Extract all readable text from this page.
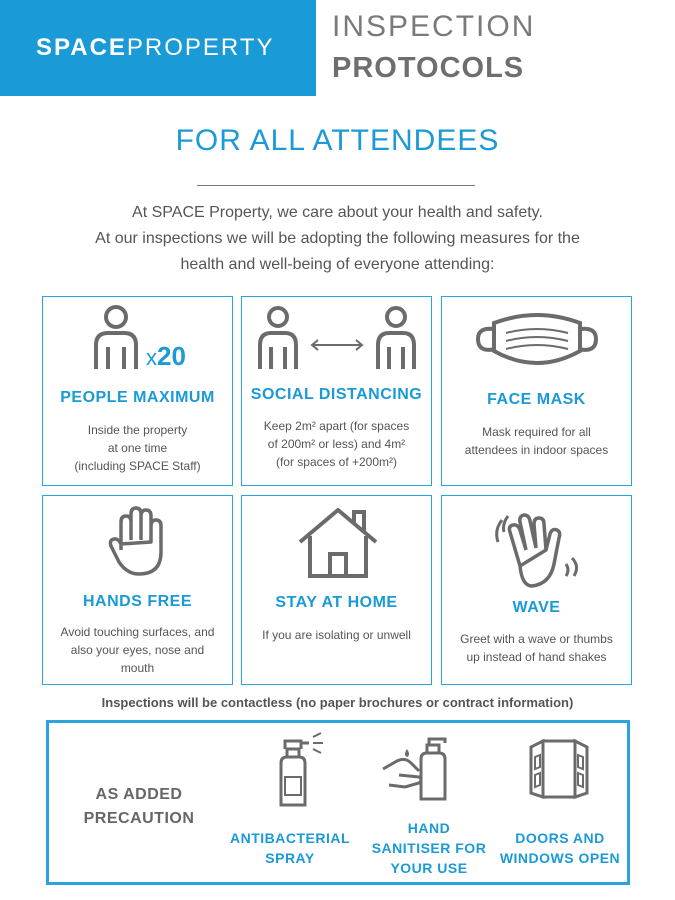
SPACEPROPERTY
INSPECTION
PROTOCOLS
FOR ALL ATTENDEES
At SPACE Property, we care about your health and safety.
At our inspections we will be adopting the following measures for the
health and well-being of everyone attending:
x20
PEOPLE MAXIMUM
Inside the property
at one time
(including SPACE Staff)
SOCIAL DISTANCING
Keep 2m² apart (for spaces
of 200m² or less) and 4m²
(for spaces of +200m²)
FACE MASK
Mask required for all
attendees in indoor spaces
HANDS FREE
Avoid touching surfaces, and
also your eyes, nose and
mouth
STAY AT HOME
If you are isolating or unwell
WAVE
Greet with a wave or thumbs
up instead of hand shakes
Inspections will be contactless (no paper brochures or contract information)
AS ADDED
PRECAUTION
ANTIBACTERIAL
SPRAY
HAND
SANITISER FOR
YOUR USE
DOORS AND
WINDOWS OPEN
